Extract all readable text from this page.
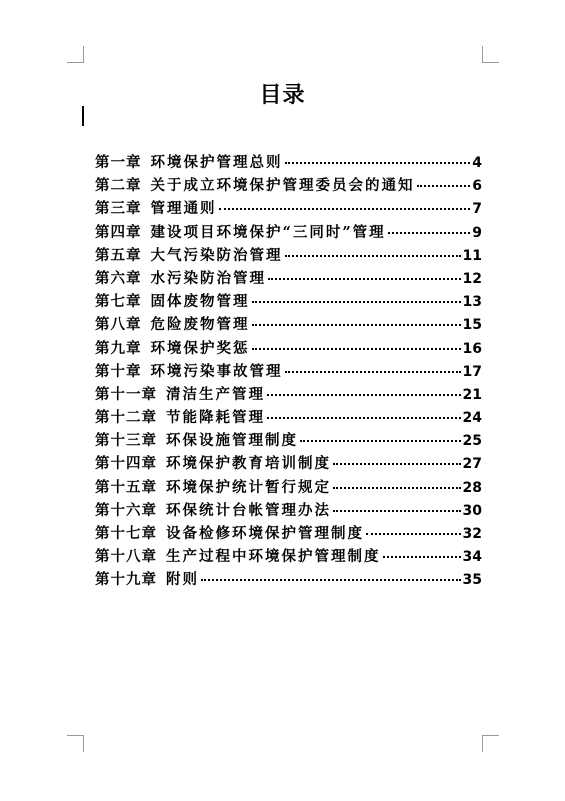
目录
第一章 环境保护管理总则	4
第二章 关于成立环境保护管理委员会的通知	6
第三章 管理通则	7
第四章 建设项目环境保护“三同时”管理	9
第五章 大气污染防治管理	11
第六章 水污染防治管理	12
第七章 固体废物管理	13
第八章 危险废物管理	15
第九章 环境保护奖惩	16
第十章 环境污染事故管理	17
第十一章 清洁生产管理	21
第十二章 节能降耗管理	24
第十三章 环保设施管理制度	25
第十四章 环境保护教育培训制度	27
第十五章 环境保护统计暂行规定	28
第十六章 环保统计台帐管理办法	30
第十七章 设备检修环境保护管理制度	32
第十八章 生产过程中环境保护管理制度	34
第十九章 附则	35
